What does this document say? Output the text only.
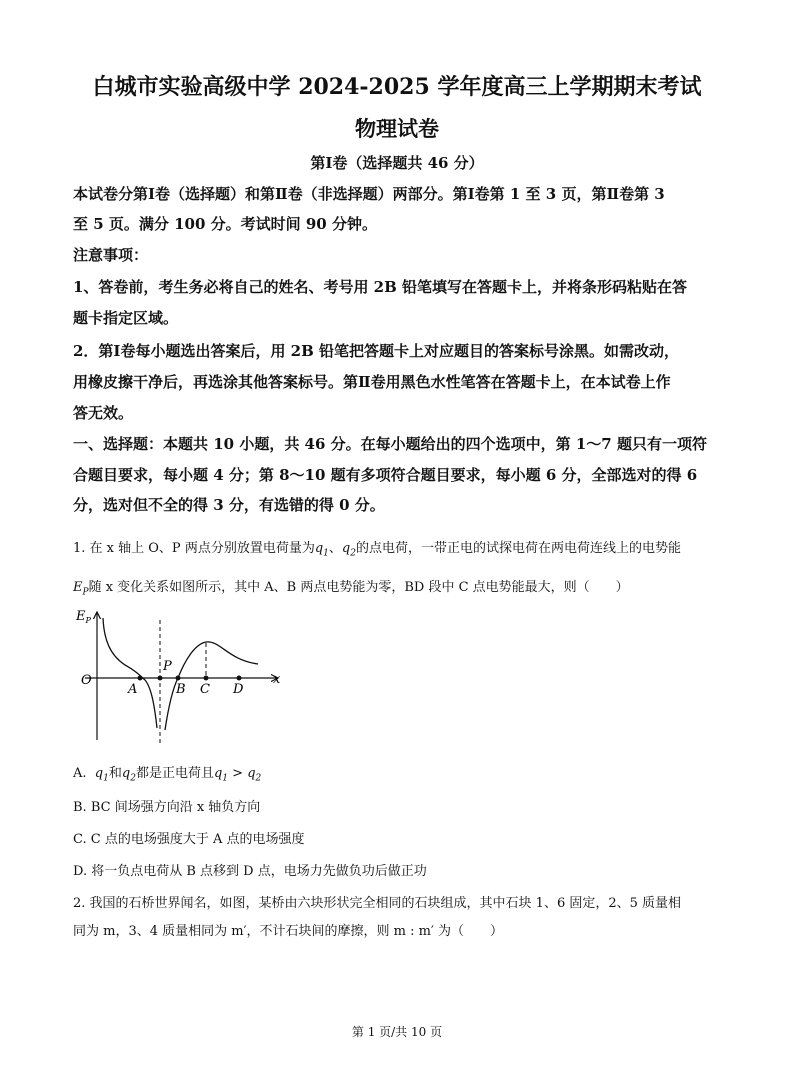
白城市实验高级中学 2024-2025 学年度高三上学期期末考试
物理试卷
第Ⅰ卷（选择题共 46 分）
本试卷分第Ⅰ卷（选择题）和第Ⅱ卷（非选择题）两部分。第Ⅰ卷第 1 至 3 页，第Ⅱ卷第 3
至 5 页。满分 100 分。考试时间 90 分钟。
注意事项：
1、答卷前，考生务必将自己的姓名、考号用 2B 铅笔填写在答题卡上，并将条形码粘贴在答
题卡指定区域。
2．第Ⅰ卷每小题选出答案后，用 2B 铅笔把答题卡上对应题目的答案标号涂黑。如需改动，
用橡皮擦干净后，再选涂其他答案标号。第Ⅱ卷用黑色水性笔答在答题卡上，在本试卷上作
答无效。
一、选择题：本题共 10 小题，共 46 分。在每小题给出的四个选项中，第 1～7 题只有一项符
合题目要求，每小题 4 分；第 8～10 题有多项符合题目要求，每小题 6 分，全部选对的得 6
分，选对但不全的得 3 分，有选错的得 0 分。
1. 在 x 轴上 O、P 两点分别放置电荷量为$q_1$、$q_2$的点电荷，一带正电的试探电荷在两电荷连线上的电势能
$E_P$随 x 变化关系如图所示，其中 A、B 两点电势能为零，BD 段中 C 点电势能最大，则（　　）
$E_P$
x
O
A
P
B C D
A. $q_1$和$q_2$都是正电荷且$q_1 > q_2$
B. BC 间场强方向沿 x 轴负方向
C. C 点的电场强度大于 A 点的电场强度
D. 将一负点电荷从 B 点移到 D 点，电场力先做负功后做正功
2. 我国的石桥世界闻名，如图，某桥由六块形状完全相同的石块组成，其中石块 1、6 固定，2、5 质量相
同为 m，3、4 质量相同为 m′，不计石块间的摩擦，则 m : m′ 为（　　）
第 1 页/共 10 页
